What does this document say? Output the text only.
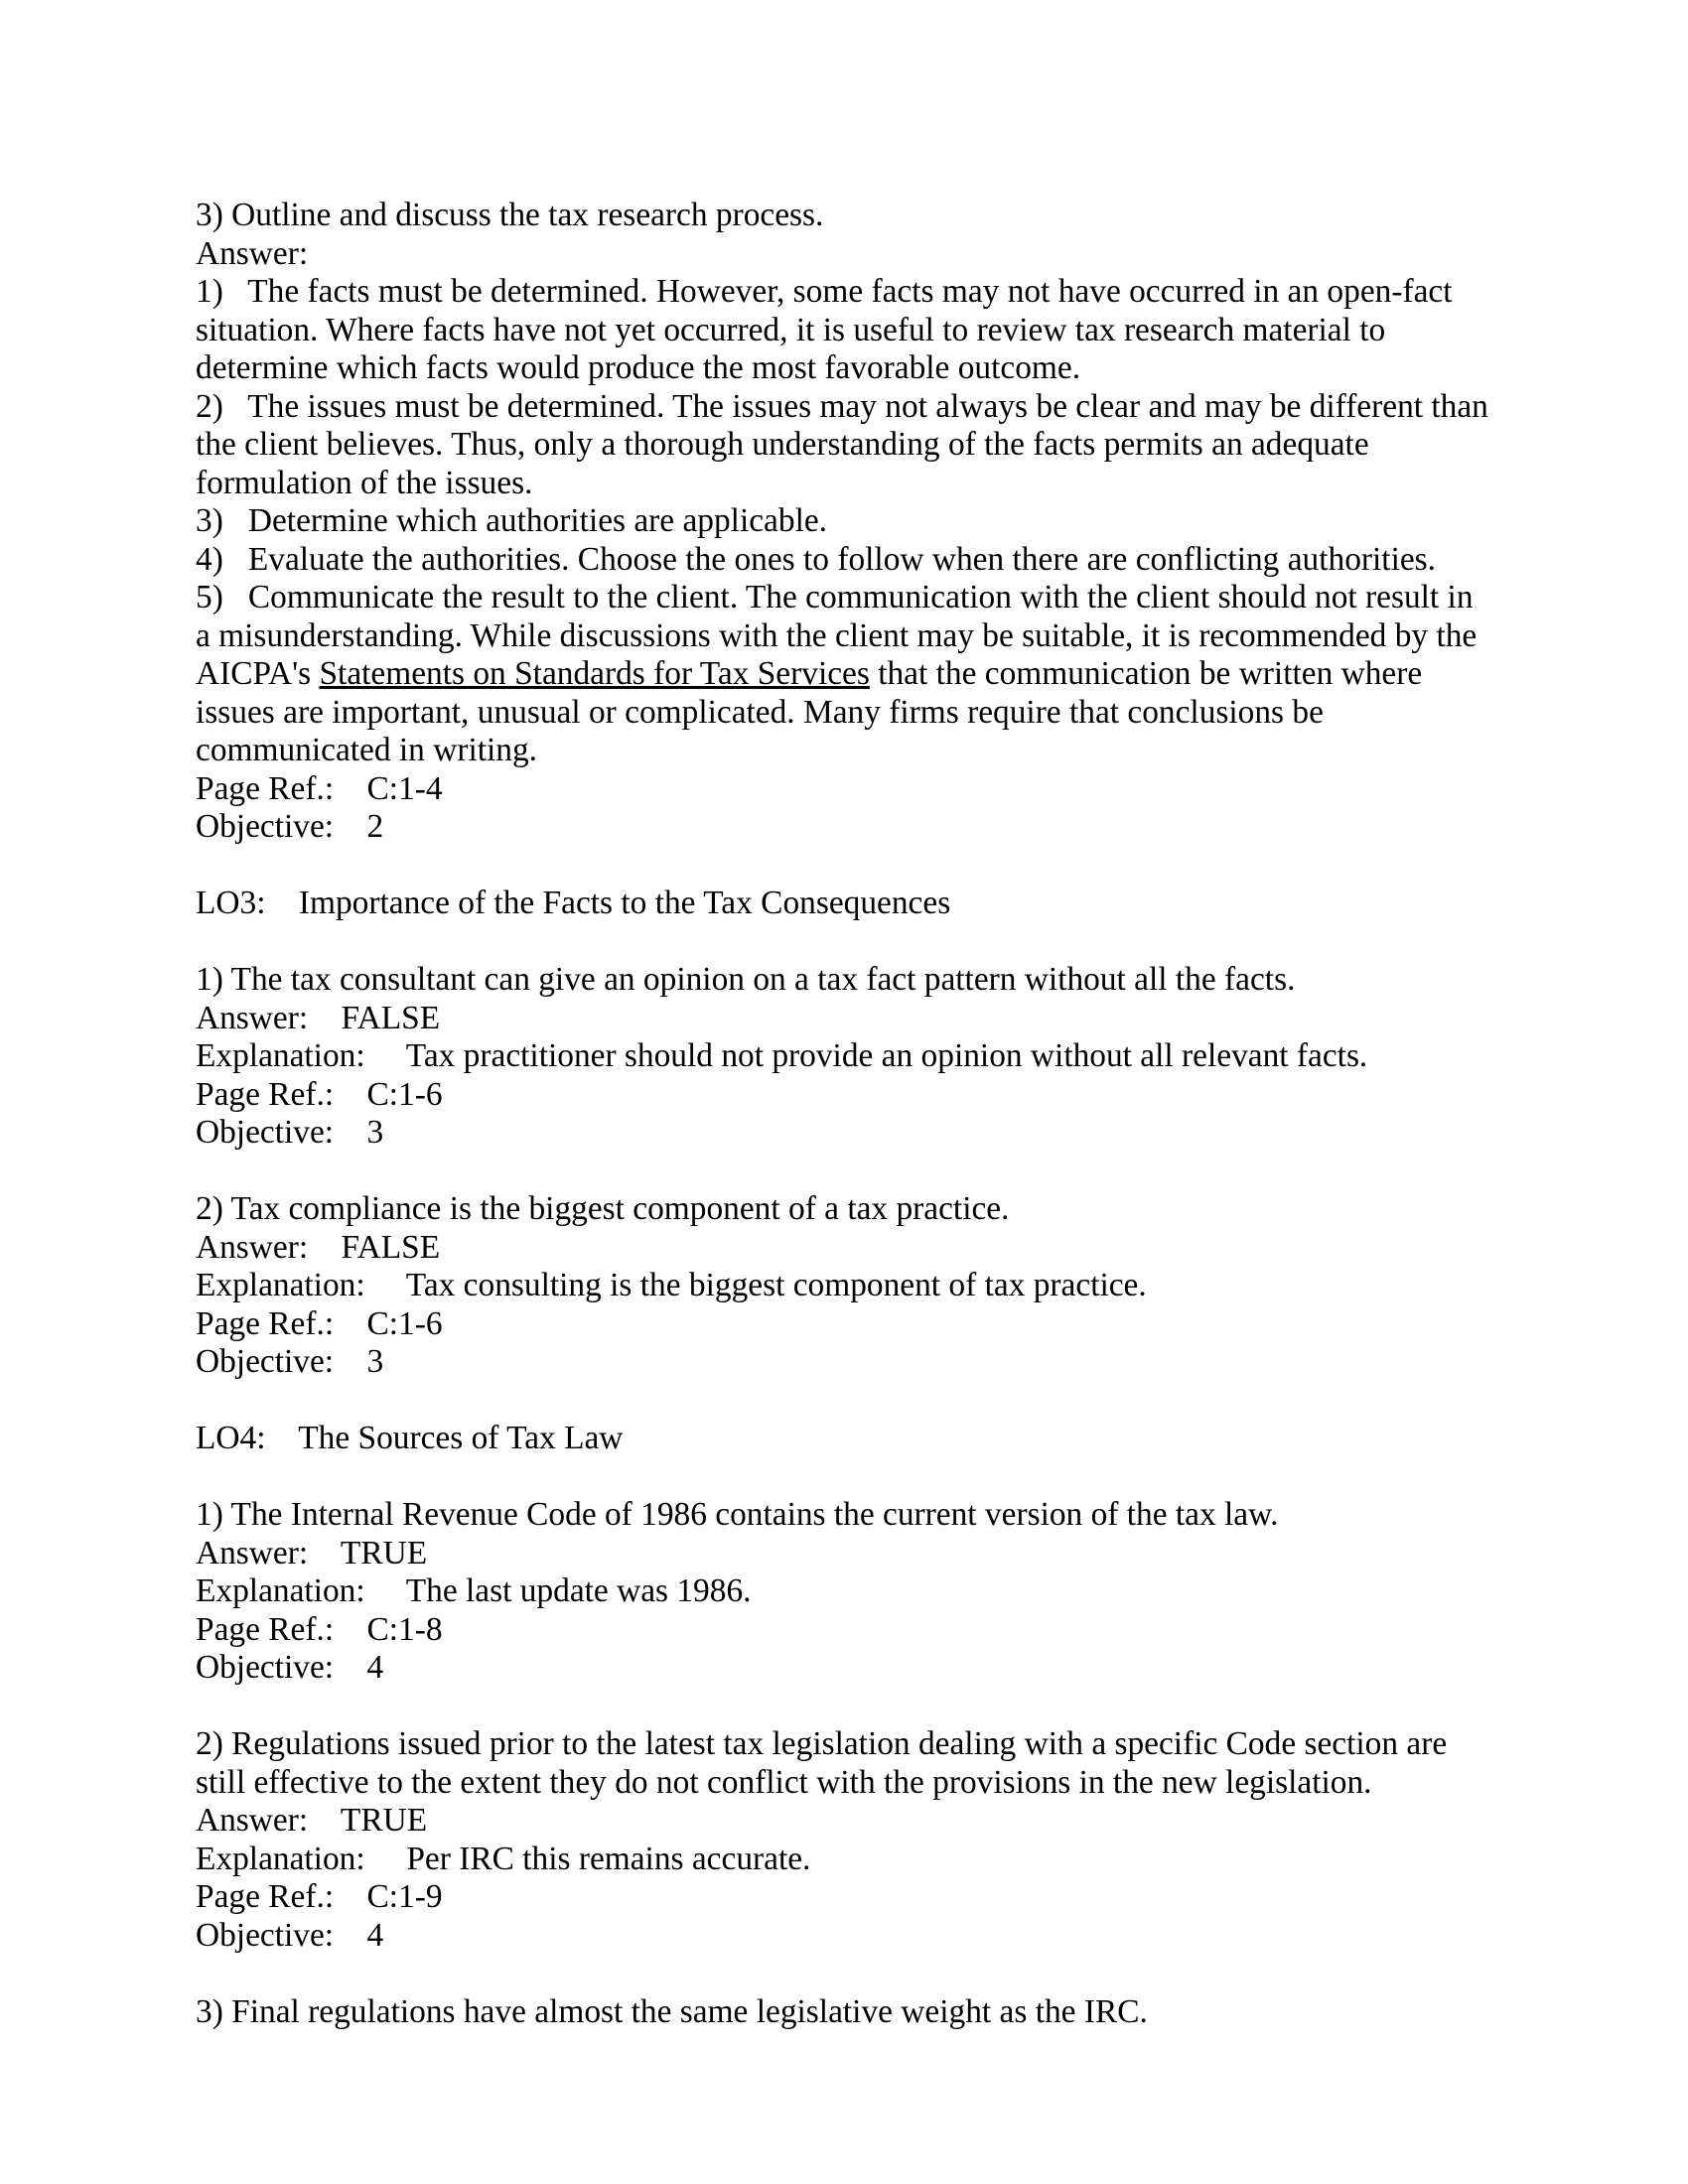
3) Outline and discuss the tax research process.
Answer:
1)   The facts must be determined. However, some facts may not have occurred in an open-fact
situation. Where facts have not yet occurred, it is useful to review tax research material to
determine which facts would produce the most favorable outcome.
2)   The issues must be determined. The issues may not always be clear and may be different than
the client believes. Thus, only a thorough understanding of the facts permits an adequate
formulation of the issues.
3)   Determine which authorities are applicable.
4)   Evaluate the authorities. Choose the ones to follow when there are conflicting authorities.
5)   Communicate the result to the client. The communication with the client should not result in
a misunderstanding. While discussions with the client may be suitable, it is recommended by the
AICPA's Statements on Standards for Tax Services that the communication be written where
issues are important, unusual or complicated. Many firms require that conclusions be
communicated in writing.
Page Ref.:    C:1-4
Objective:    2
LO3:    Importance of the Facts to the Tax Consequences
1) The tax consultant can give an opinion on a tax fact pattern without all the facts.
Answer:    FALSE
Explanation:     Tax practitioner should not provide an opinion without all relevant facts.
Page Ref.:    C:1-6
Objective:    3
2) Tax compliance is the biggest component of a tax practice.
Answer:    FALSE
Explanation:     Tax consulting is the biggest component of tax practice.
Page Ref.:    C:1-6
Objective:    3
LO4:    The Sources of Tax Law
1) The Internal Revenue Code of 1986 contains the current version of the tax law.
Answer:    TRUE
Explanation:     The last update was 1986.
Page Ref.:    C:1-8
Objective:    4
2) Regulations issued prior to the latest tax legislation dealing with a specific Code section are
still effective to the extent they do not conflict with the provisions in the new legislation.
Answer:    TRUE
Explanation:     Per IRC this remains accurate.
Page Ref.:    C:1-9
Objective:    4
3) Final regulations have almost the same legislative weight as the IRC.
